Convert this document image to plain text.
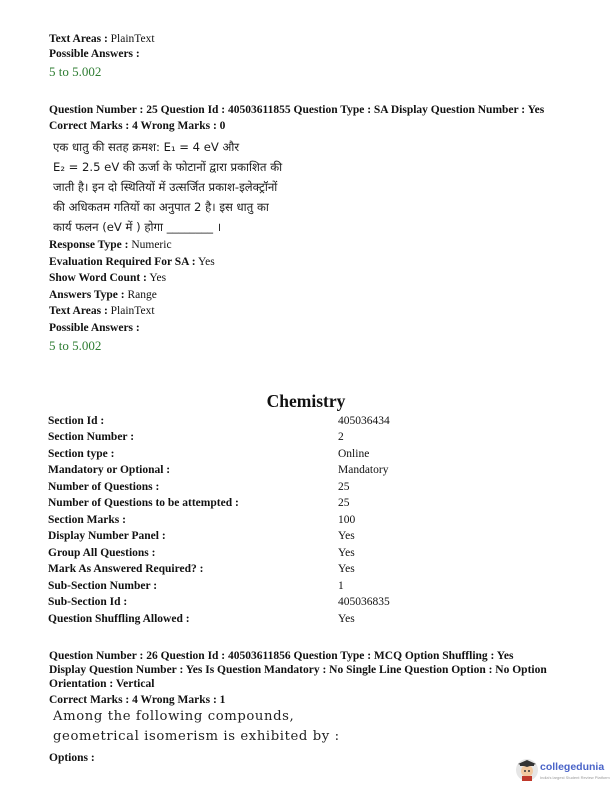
Text Areas : PlainText
Possible Answers :
5 to 5.002
Question Number : 25 Question Id : 40503611855 Question Type : SA Display Question Number : Yes
Correct Marks : 4 Wrong Marks : 0
एक धातु की सतह क्रमश: E₁ = 4 eV और
E₂ = 2.5 eV की ऊर्जा के फोटानों द्वारा प्रकाशित की
जाती है। इन दो स्थितियों में उत्सर्जित प्रकाश-इलेक्ट्रॉनों
की अधिकतम गतियों का अनुपात 2 है। इस धातु का
कार्य फलन (eV में ) होगा ________ ।
Response Type : Numeric
Evaluation Required For SA : Yes
Show Word Count : Yes
Answers Type : Range
Text Areas : PlainText
Possible Answers :
5 to 5.002
Chemistry
Section Id :	405036434
Section Number :	2
Section type :	Online
Mandatory or Optional :	Mandatory
Number of Questions :	25
Number of Questions to be attempted :	25
Section Marks :	100
Display Number Panel :	Yes
Group All Questions :	Yes
Mark As Answered Required? :	Yes
Sub-Section Number :	1
Sub-Section Id :	405036835
Question Shuffling Allowed :	Yes
Question Number : 26 Question Id : 40503611856 Question Type : MCQ Option Shuffling : Yes
Display Question Number : Yes Is Question Mandatory : No Single Line Question Option : No Option
Orientation : Vertical
Correct Marks : 4 Wrong Marks : 1
Among the following compounds,
geometrical isomerism is exhibited by :
Options :
collegedunia
India's largest Student Review Platform
